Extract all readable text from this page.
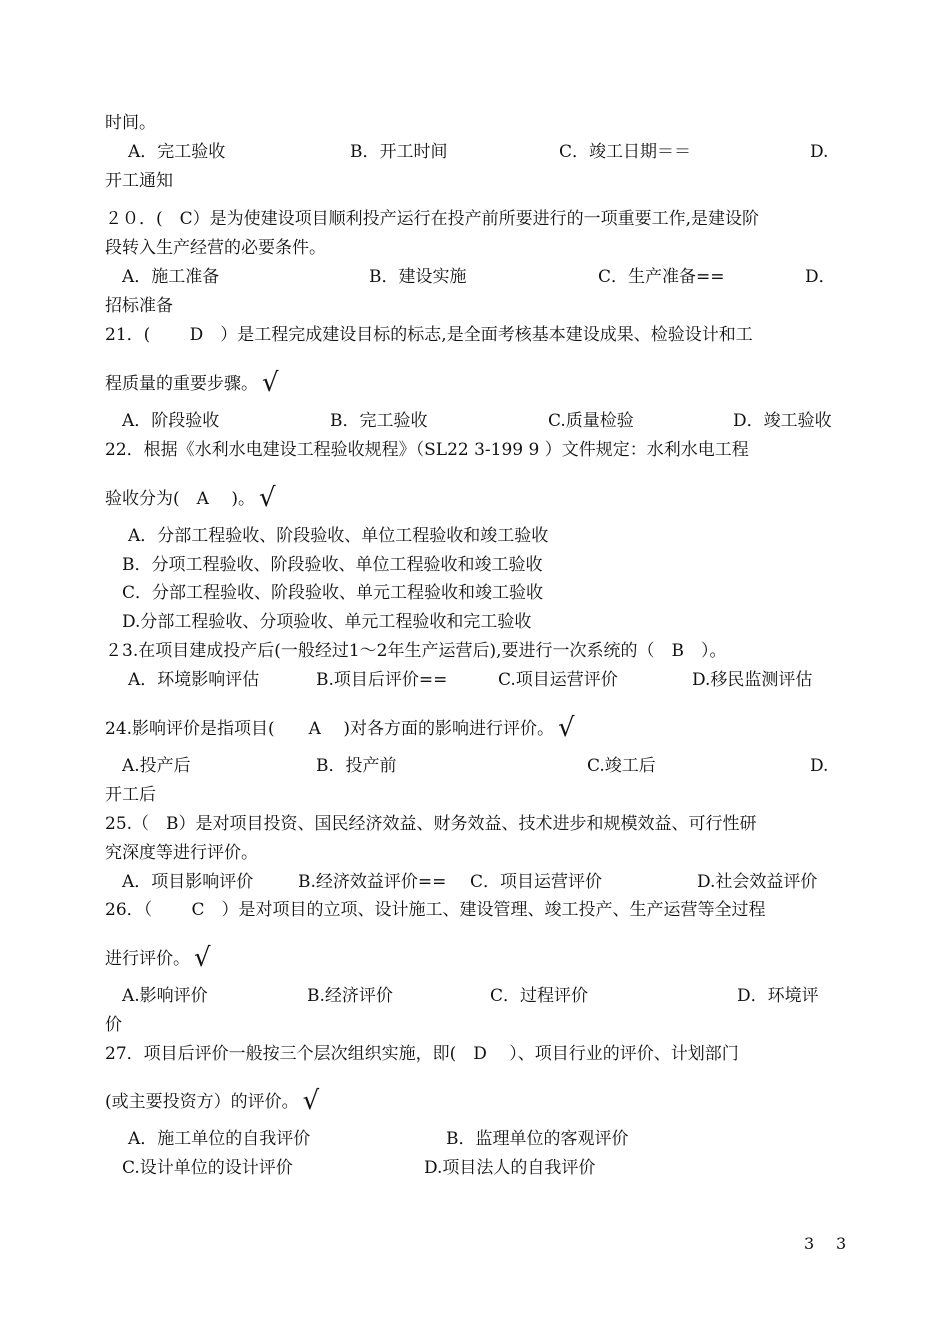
时间。
A．完工验收	B．开工时间	C．竣工日期＝＝	D.
开工通知
２０．(　C）是为使建设项目顺利投产运行在投产前所要进行的一项重要工作,是建设阶
段转入生产经营的必要条件。
A．施工准备	B．建设实施	C．生产准备==	D．
招标准备
21．(　　 D　）是工程完成建设目标的标志,是全面考核基本建设成果、检验设计和工
程质量的重要步骤。 √
A．阶段验收	B．完工验收	C.质量检验	D．竣工验收
22．根据《水利水电建设工程验收规程》（SL22 3-199 9 ）文件规定：水利水电工程
验收分为(　A　 )。 √
A．分部工程验收、阶段验收、单位工程验收和竣工验收
B．分项工程验收、阶段验收、单位工程验收和竣工验收
C．分部工程验收、阶段验收、单元工程验收和竣工验收
D.分部工程验收、分项验收、单元工程验收和完工验收
２3.在项目建成投产后(一般经过1～2年生产运营后),要进行一次系统的（　B　）。
A．环境影响评估	B.项目后评价==	C.项目运营评价	D.移民监测评估
24.影响评价是指项目(　　A　 )对各方面的影响进行评价。 √
A.投产后	B．投产前	C.竣工后	D.
开工后
25.（　B）是对项目投资、国民经济效益、财务效益、技术进步和规模效益、可行性研
究深度等进行评价。
A．项目影响评价	B.经济效益评价== C．项目运营评价	D.社会效益评价
26．（　　 C　）是对项目的立项、设计施工、建设管理、竣工投产、生产运营等全过程
进行评价。 √
A.影响评价	B.经济评价	C．过程评价	D．环境评
价
27．项目后评价一般按三个层次组织实施，即(　D　 ）、项目行业的评价、计划部门
(或主要投资方）的评价。 √
A．施工单位的自我评价	B．监理单位的客观评价
C.设计单位的设计评价	D.项目法人的自我评价
3 3
